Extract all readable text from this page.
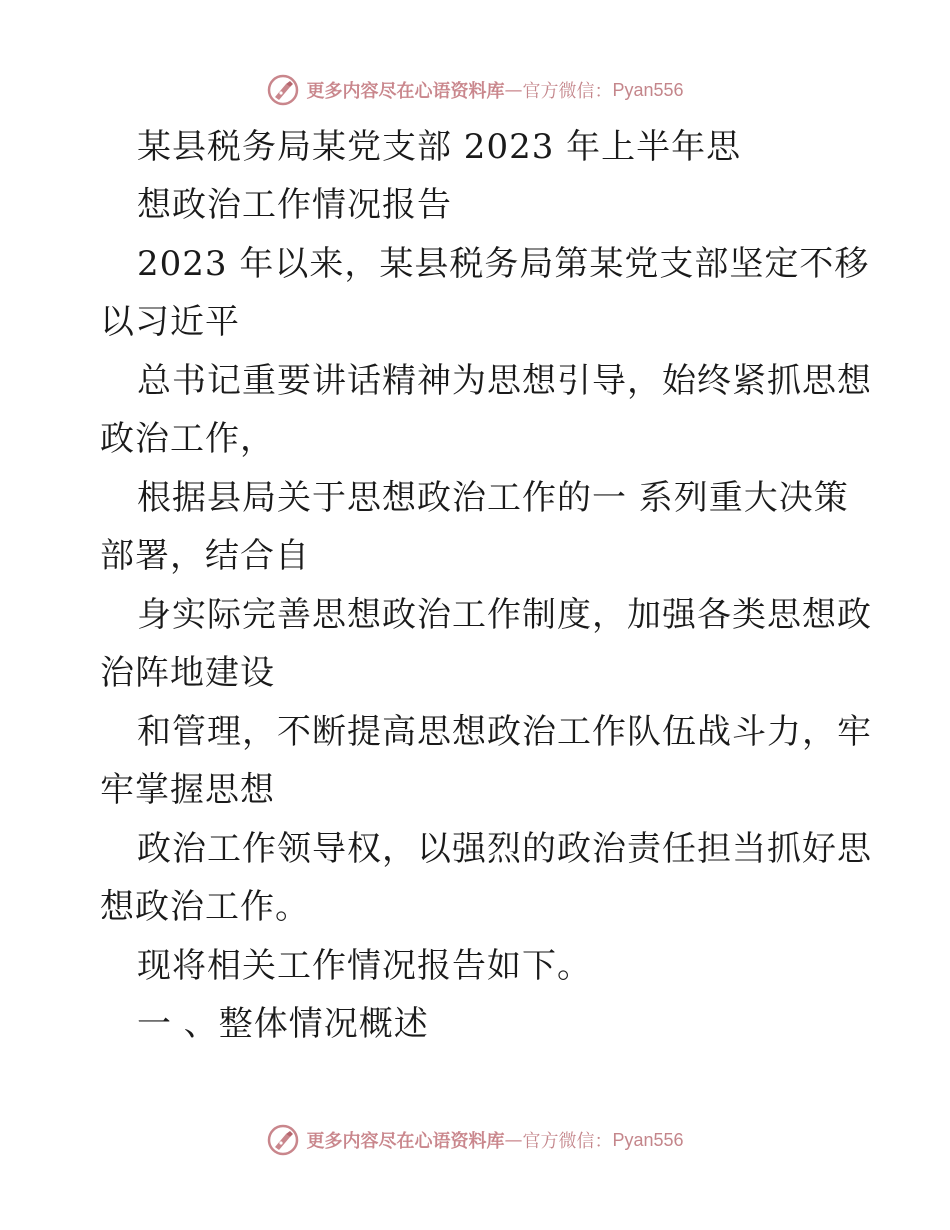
更多内容尽在心语资料库 — 官方微信： Pyan556
某县税务局某党支部 2023 年上半年思
想政治工作情况报告
2023 年以来，某县税务局第某党支部坚定不移
以习近平
总书记重要讲话精神为思想引导，始终紧抓思想
政治工作，
根据县局关于思想政治工作的一 系列重大决策
部署，结合自
身实际完善思想政治工作制度，加强各类思想政
治阵地建设
和管理，不断提高思想政治工作队伍战斗力，牢
牢掌握思想
政治工作领导权，以强烈的政治责任担当抓好思
想政治工作。
现将相关工作情况报告如下。
一 、整体情况概述
更多内容尽在心语资料库 — 官方微信： Pyan556
